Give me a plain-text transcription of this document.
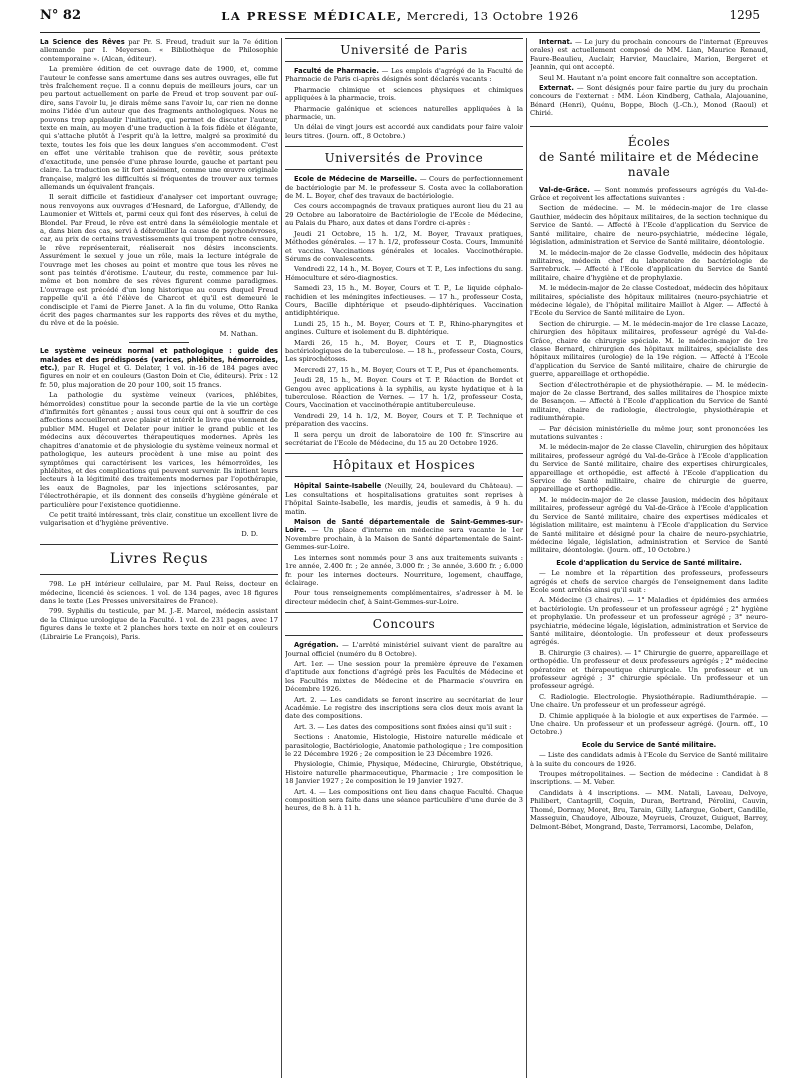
N° 82	LA PRESSE MÉDICALE, Mercredi, 13 Octobre 1926	1295

La Science des Rêves par Pr. S. Freud, traduit sur la 7e édition allemande par I. Meyerson. « Bibliothèque de Philosophie contemporaine ». (Alcan, éditeur).

La première édition de cet ouvrage date de 1900, et, comme l'auteur le confesse sans amertume dans ses autres ouvrages, elle fut très fraîchement reçue. Il a connu depuis de meilleurs jours, car un peu partout actuellement on parle de Freud et trop souvent par ouï-dire, sans l'avoir lu, je dirais même sans l'avoir lu, car rien ne donne moins l'idée d'un auteur que des fragments anthologiques. Nous ne pouvons trop applaudir l'initiative, qui permet de discuter l'auteur, texte en main, au moyen d'une traduction à la fois fidèle et élégante, qui s'attache plutôt à l'esprit qu'à la lettre, malgré sa proximité du texte, toutes les fois que les deux langues s'en accommodent. C'est en effet une véritable trahison que de revêtir, sous prétexte d'exactitude, une pensée d'une phrase lourde, gauche et partant peu claire. La traduction se lit fort aisément, comme une œuvre originale française, malgré les difficultés si fréquentes de trouver aux termes allemands un équivalent français.

Il serait difficile et fastidieux d'analyser cet important ouvrage; nous renvoyons aux ouvrages d'Hesnard, de Laforgue, d'Allendy, de Laumonier et Wittels et, parmi ceux qui font des réserves, à celui de Blondel. Par Freud, le rêve est entré dans la séméiologie mentale et a, dans bien des cas, servi à débrouiller la cause de psychonévroses, car, au prix de certains travestissements qui trompent notre censure, le rêve représenterait, réaliserait nos désirs inconscients. Assurément le sexuel y joue un rôle, mais la lecture intégrale de l'ouvrage met les choses au point et montre que tous les rêves ne sont pas teintés d'érotisme. L'auteur, du reste, commence par lui-même et bon nombre de ses rêves figurent comme paradigmes. L'ouvrage est précédé d'un long historique au cours duquel Freud rappelle qu'il a été l'élève de Charcot et qu'il est demeuré le condisciple et l'ami de Pierre Janet. A la fin du volume, Otto Ranka écrit des pages charmantes sur les rapports des rêves et du mythe, du rêve et de la poésie.

M. Nathan.

Le système veineux normal et pathologique : guide des malades et des prédisposés (varices, phlébites, hémorroïdes, etc.), par R. Hugel et G. Delater, 1 vol. in-16 de 184 pages avec figures en noir et en couleurs (Gaston Doin et Cie, éditeurs). Prix : 12 fr. 50, plus majoration de 20 pour 100, soit 15 francs.

La pathologie du système veineux (varices, phlébites, hémorroïdes) constitue pour la seconde partie de la vie un cortège d'infirmités fort gênantes ; aussi tous ceux qui ont à souffrir de ces affections accueilleront avec plaisir et intérêt le livre que viennent de publier MM. Hugel et Delater pour initier le grand public et les médecins aux découvertes thérapeutiques modernes. Après les chapitres d'anatomie et de physiologie du système veineux normal et pathologique, les auteurs procèdent à une mise au point des symptômes qui caractérisent les varices, les hémorroïdes, les phlébites, et des complications qui peuvent survenir. Ils initient leurs lecteurs à la légitimité des traitements modernes par l'opothérapie, les eaux de Bagnoles, par les injections sclérosantes, par l'électrothérapie, et ils donnent des conseils d'hygiène générale et particulière pour l'existence quotidienne.

Ce petit traité intéressant, très clair, constitue un excellent livre de vulgarisation et d'hygiène préventive.

D. D.

Livres Reçus

798. Le pH intérieur cellulaire, par M. Paul Reiss, docteur en médecine, licencié ès sciences. 1 vol. de 134 pages, avec 18 figures dans le texte (Les Presses universitaires de France).

799. Syphilis du testicule, par M. J.-E. Marcel, médecin assistant de la Clinique urologique de la Faculté. 1 vol. de 231 pages, avec 17 figures dans le texte et 2 planches hors texte en noir et en couleurs (Librairie Le François), Paris.

Université de Paris

Faculté de Pharmacie. — Les emplois d'agrégé de la Faculté de Pharmacie de Paris ci-après désignés sont déclarés vacants :

Pharmacie chimique et sciences physiques et chimiques appliquées à la pharmacie, trois.

Pharmacie galénique et sciences naturelles appliquées à la pharmacie, un.

Un délai de vingt jours est accordé aux candidats pour faire valoir leurs titres. (Journ. off., 8 Octobre.)

Universités de Province

Ecole de Médecine de Marseille. — Cours de perfectionnement de bactériologie par M. le professeur S. Costa avec la collaboration de M. L. Boyer, chef des travaux de bactériologie.

Ces cours accompagnés de travaux pratiques auront lieu du 21 au 29 Octobre au laboratoire de Bactériologie de l'Ecole de Médecine, au Palais du Pharo, aux dates et dans l'ordre ci-après :

Jeudi 21 Octobre, 15 h. 1/2, M. Boyer, Travaux pratiques, Méthodes générales. — 17 h. 1/2, professeur Costa. Cours, Immunité et vaccins. Vaccinations générales et locales. Vaccinothérapie. Sérums de convalescents.

Vendredi 22, 14 h., M. Boyer, Cours et T. P., Les infections du sang. Hémoculture et séro-diagnostics.

Samedi 23, 15 h., M. Boyer, Cours et T. P., Le liquide céphalo-rachidien et les méningites infectieuses. — 17 h., professeur Costa, Cours, Bacille diphtérique et pseudo-diphtériques. Vaccination antidiphtérique.

Lundi 25, 15 h., M. Boyer, Cours et T. P., Rhino-pharyngites et angines. Culture et isolement du B. diphtérique.

Mardi 26, 15 h., M. Boyer, Cours et T. P., Diagnostics bactériologiques de la tuberculose. — 18 h., professeur Costa, Cours, Les spirochétoses.

Mercredi 27, 15 h., M. Boyer, Cours et T. P., Pus et épanchements.

Jeudi 28, 15 h., M. Boyer. Cours et T. P. Réaction de Bordet et Gengou avec applications à la syphilis, au kyste hydatique et à la tuberculose. Réaction de Vernes. — 17 h. 1/2, professeur Costa, Cours, Vaccination et vaccinothérapie antituberculeuse.

Vendredi 29, 14 h. 1/2, M. Boyer, Cours et T. P. Technique et préparation des vaccins.

Il sera perçu un droit de laboratoire de 100 fr. S'inscrire au secrétariat de l'Ecole de Médecine, du 15 au 20 Octobre 1926.

Hôpitaux et Hospices

Hôpital Sainte-Isabelle (Neuilly, 24, boulevard du Château). — Les consultations et hospitalisations gratuites sont reprises à l'hôpital Sainte-Isabelle, les mardis, jeudis et samedis, à 9 h. du matin.

Maison de Santé départementale de Saint-Gemmes-sur-Loire. — Un place d'interne en médecine sera vacante le 1er Novembre prochain, à la Maison de Santé départementale de Saint-Gemmes-sur-Loire.

Les internes sont nommés pour 3 ans aux traitements suivants : 1re année, 2.400 fr. ; 2e année, 3.000 fr. ; 3e année, 3.600 fr. ; 6.000 fr. pour les internes docteurs. Nourriture, logement, chauffage, éclairage.

Pour tous renseignements complémentaires, s'adresser à M. le directeur médecin chef, à Saint-Gemmes-sur-Loire.

Concours

Agrégation. — L'arrêté ministériel suivant vient de paraître au Journal officiel (numéro du 8 Octobre).

Art. 1er. — Une session pour la première épreuve de l'examen d'aptitude aux fonctions d'agrégé près les Facultés de Médecine et les Facultés mixtes de Médecine et de Pharmacie s'ouvrira en Décembre 1926.

Art. 2. — Les candidats se feront inscrire au secrétariat de leur Académie. Le registre des inscriptions sera clos deux mois avant la date des compositions.

Art. 3. — Les dates des compositions sont fixées ainsi qu'il suit :

Sections : Anatomie, Histologie, Histoire naturelle médicale et parasitologie, Bactériologie, Anatomie pathologique ; 1re composition le 22 Décembre 1926 ; 2e composition le 23 Décembre 1926.

Physiologie, Chimie, Physique, Médecine, Chirurgie, Obstétrique, Histoire naturelle pharmaceutique, Pharmacie ; 1re composition le 18 Janvier 1927 ; 2e composition le 19 Janvier 1927.

Art. 4. — Les compositions ont lieu dans chaque Faculté. Chaque composition sera faite dans une séance particulière d'une durée de 3 heures, de 8 h. à 11 h.

Internat. — Le jury du prochain concours de l'internat (Epreuves orales) est actuellement composé de MM. Lian, Maurice Renaud, Faure-Beaulieu, Auclair, Harvier, Mauclaire, Marion, Bergeret et Jeannin, qui ont accepté.

Seul M. Hautant n'a point encore fait connaître son acceptation.

Externat. — Sont désignés pour faire partie du jury du prochain concours de l'externat : MM. Léon Kindberg, Cathala, Alajouanine, Bénard (Henri), Quénu, Boppe, Bloch (J.-Ch.), Monod (Raoul) et Chirié.

Écoles
de Santé militaire et de Médecine navale

Val-de-Grâce. — Sont nommés professeurs agrégés du Val-de-Grâce et reçoivent les affectations suivantes :

Section de médecine. — M. le médecin-major de 1re classe Gauthier, médecin des hôpitaux militaires, de la section technique du Service de Santé. — Affecté à l'Ecole d'application du Service de Santé militaire, chaire de neuro-psychiatrie, médecine légale, législation, administration et Service de Santé militaire, déontologie.

M. le médecin-major de 2e classe Godvelle, médecin des hôpitaux militaires, médecin chef du laboratoire de bactériologie de Sarrebruck. — Affecté à l'Ecole d'application du Service de Santé militaire, chaire d'hygiène et de prophylaxie.

M. le médecin-major de 2e classe Costedoat, médecin des hôpitaux militaires, spécialiste des hôpitaux militaires (neuro-psychiatrie et médecine légale), de l'hôpital militaire Maillot à Alger. — Affecté à l'Ecole du Service de Santé militaire de Lyon.

Section de chirurgie. — M. le médecin-major de 1re classe Lacaze, chirurgien des hôpitaux militaires, professeur agrégé du Val-de-Grâce, chaire de chirurgie spéciale. M. le médecin-major de 1re classe Bernard, chirurgien des hôpitaux militaires, spécialiste des hôpitaux militaires (urologie) de la 19e région. — Affecté à l'Ecole d'application du Service de Santé militaire, chaire de chirurgie de guerre, appareillage et orthopédie.

Section d'électrothérapie et de physiothérapie. — M. le médecin-major de 2e classe Bertrand, des salles militaires de l'hospice mixte de Besançon. — Affecté à l'Ecole d'application du Service de Santé militaire, chaire de radiologie, électrologie, physiothérapie et radiumthérapie.

— Par décision ministérielle du même jour, sont prononcées les mutations suivantes :

M. le médecin-major de 2e classe Clavelin, chirurgien des hôpitaux militaires, professeur agrégé du Val-de-Grâce à l'Ecole d'application du Service de Santé militaire, chaire des expertises chirurgicales, appareillage et orthopédie, est affecté à l'Ecole d'application du Service de Santé militaire, chaire de chirurgie de guerre, appareillage et orthopédie.

M. le médecin-major de 2e classe Jausion, médecin des hôpitaux militaires, professeur agrégé du Val-de-Grâce à l'Ecole d'application du Service de Santé militaire, chaire des expertises médicales et législation militaire, est maintenu à l'Ecole d'application du Service de Santé militaire et désigné pour la chaire de neuro-psychiatrie, médecine légale, législation, administration et Service de Santé militaire, déontologie. (Journ. off., 10 Octobre.)

Ecole d'application du Service de Santé militaire.

— Le nombre et la répartition des professeurs, professeurs agrégés et chefs de service chargés de l'enseignement dans ladite Ecole sont arrêtés ainsi qu'il suit :

A. Médecine (3 chaires). — 1° Maladies et épidémies des armées et bactériologie. Un professeur et un professeur agrégé ; 2° hygiène et prophylaxie. Un professeur et un professeur agrégé ; 3° neuro-psychiatrie, médecine légale, législation, administration et Service de Santé militaire, déontologie. Un professeur et deux professeurs agrégés.

B. Chirurgie (3 chaires). — 1° Chirurgie de guerre, appareillage et orthopédie. Un professeur et deux professeurs agrégés ; 2° médecine opératoire et thérapeutique chirurgicale. Un professeur et un professeur agrégé ; 3° chirurgie spéciale. Un professeur et un professeur agrégé.

C. Radiologie. Electrologie. Physiothérapie. Radiumthérapie. — Une chaire. Un professeur et un professeur agrégé.

D. Chimie appliquée à la biologie et aux expertises de l'armée. — Une chaire. Un professeur et un professeur agrégé. (Journ. off., 10 Octobre.)

Ecole du Service de Santé militaire.

— Liste des candidats admis à l'Ecole du Service de Santé militaire à la suite du concours de 1926.

Troupes métropolitaines. — Section de médecine : Candidat à 8 inscriptions. — M. Veber.

Candidats à 4 inscriptions. — MM. Natali, Laveau, Delvoye, Philibert, Cantagrill, Coquin, Duran, Bertrand, Pérolini, Cauvin, Thomé, Dormay, Moret, Bru, Tarain, Gilly, Lafargue, Gobert, Candille, Masseguin, Chaudoye, Albouze, Meyrueis, Crouzet, Guiguet, Barrey, Delmont-Bébet, Mongrand, Daste, Terramorsi, Lacombe, Delafon,
